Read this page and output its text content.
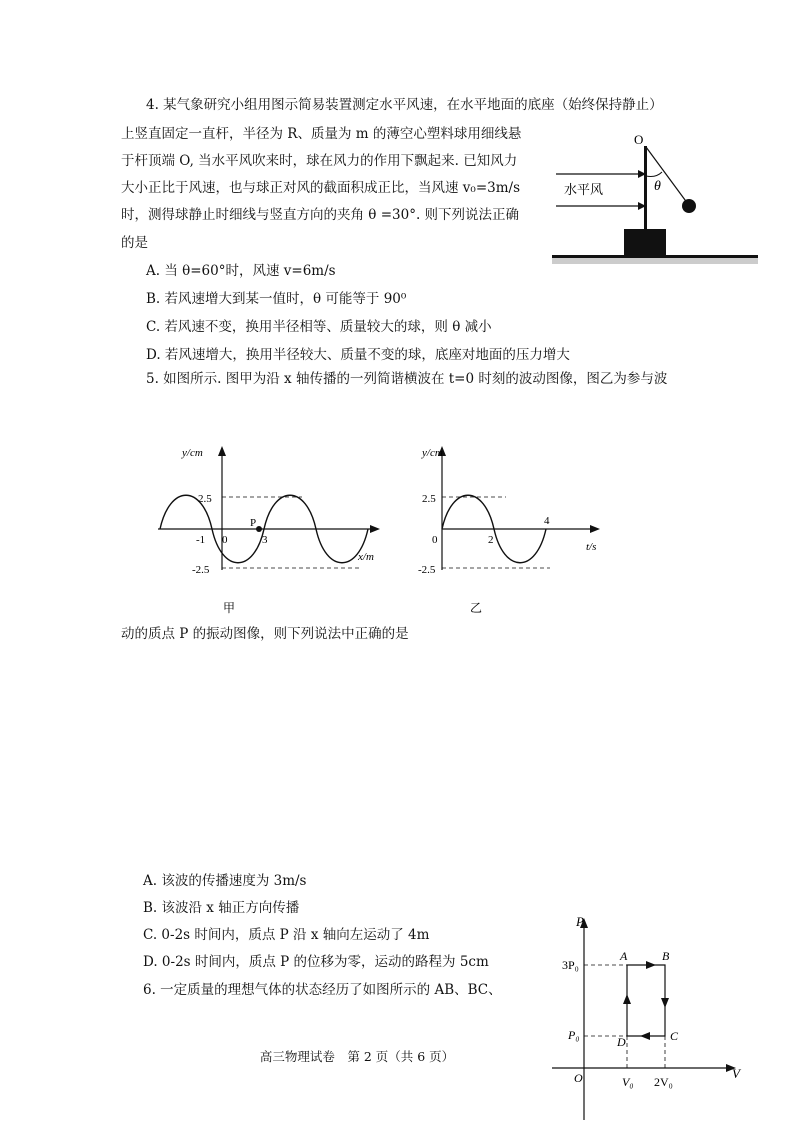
4. 某气象研究小组用图示简易装置测定水平风速，在水平地面的底座（始终保持静止）
上竖直固定一直杆，半径为 R、质量为 m 的薄空心塑料球用细线悬
于杆顶端 O, 当水平风吹来时，球在风力的作用下飘起来. 已知风力
大小正比于风速，也与球正对风的截面积成正比，当风速 v₀=3m/s
时，测得球静止时细线与竖直方向的夹角 θ =30°. 则下列说法正确
的是
A. 当 θ=60°时，风速 v=6m/s
B. 若风速增大到某一值时，θ 可能等于 90⁰
C. 若风速不变，换用半径相等、质量较大的球，则 θ 减小
D. 若风速增大，换用半径较大、质量不变的球，底座对地面的压力增大
O
θ
水平风
5. 如图所示. 图甲为沿 x 轴传播的一列简谐横波在 t=0 时刻的波动图像，图乙为参与波
P
y/cm
x/m
2.5
-2.5
-1 0	3
甲
y/cm
t/s
2.5
-2.5
0	2
4
乙
动的质点 P 的振动图像，则下列说法中正确的是
A. 该波的传播速度为 3m/s
B. 该波沿 x 轴正方向传播
C. 0-2s 时间内，质点 P 沿 x 轴向左运动了 4m
D. 0-2s 时间内，质点 P 的位移为零，运动的路程为 5cm
6. 一定质量的理想气体的状态经历了如图所示的 AB、BC、
P
V
O
3P₀
P₀
V₀ 2V₀
A	B
C
D
高三物理试卷　第 2 页（共 6 页）
